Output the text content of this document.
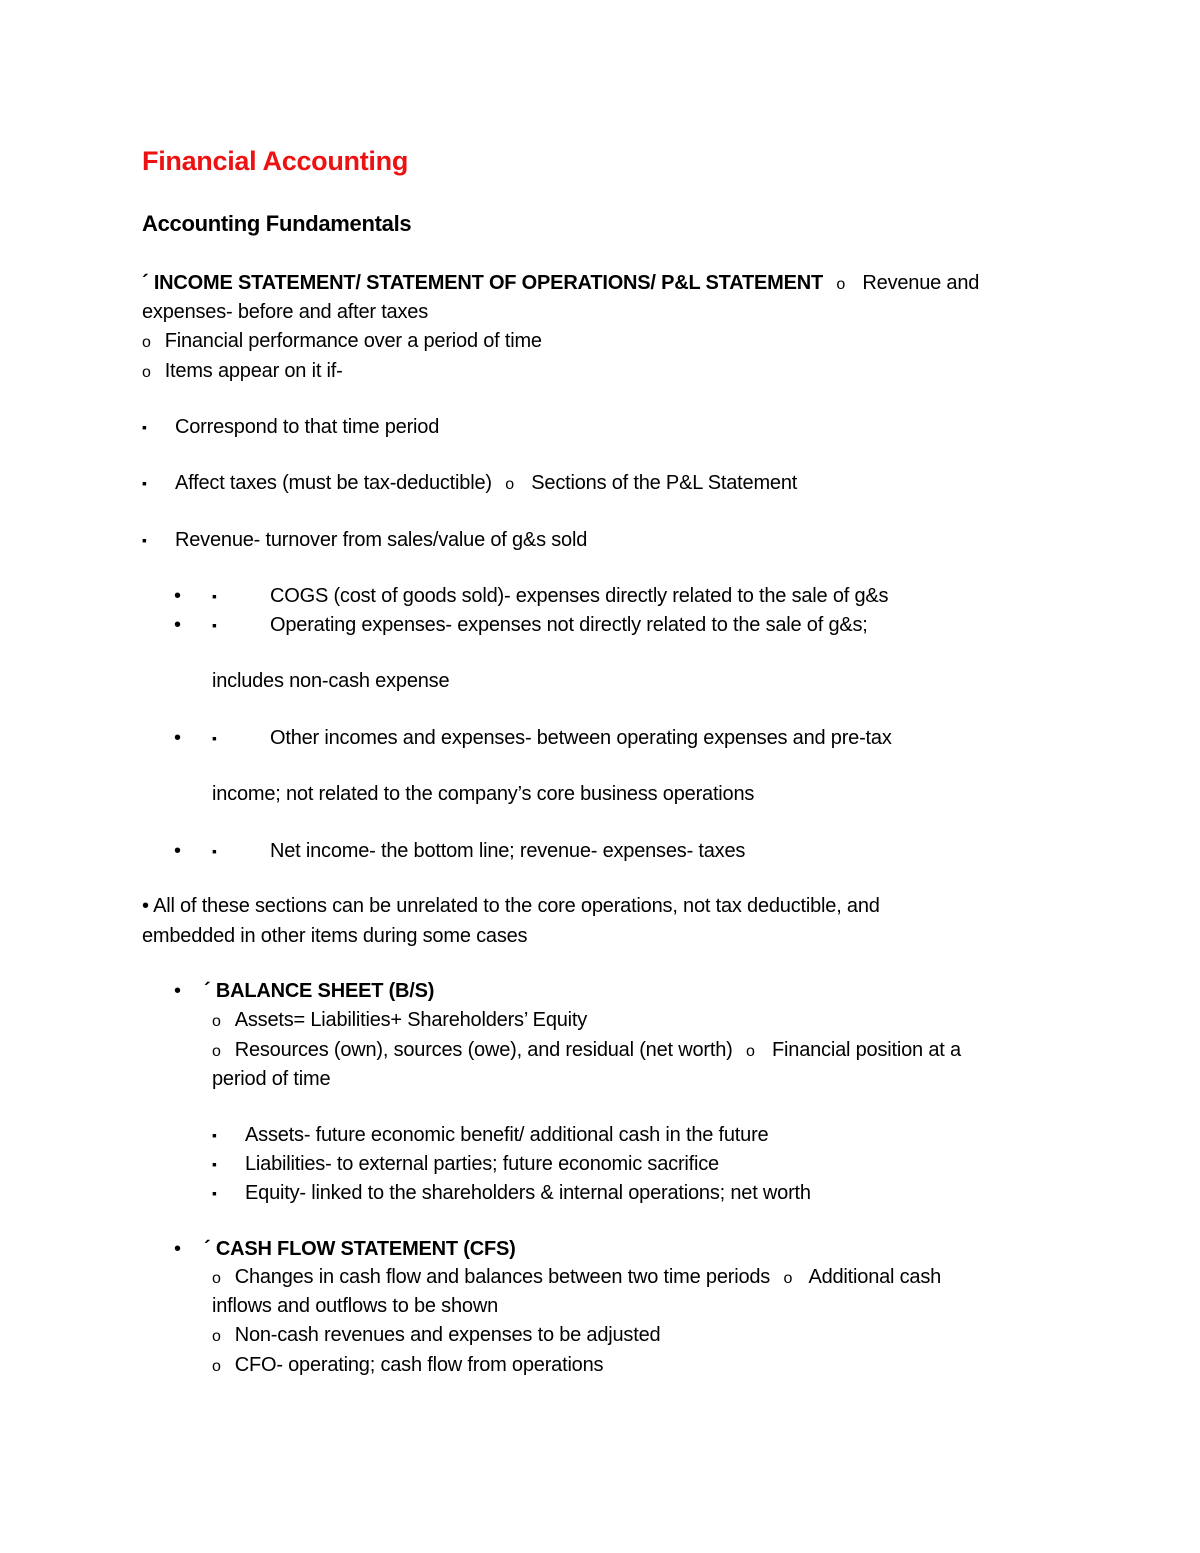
Financial Accounting
Accounting Fundamentals
´ INCOME STATEMENT/ STATEMENT OF OPERATIONS/ P&L STATEMENT o Revenue and
expenses- before and after taxes
o Financial performance over a period of time
o Items appear on it if-
▪ Correspond to that time period
▪ Affect taxes (must be tax-deductible) o Sections of the P&L Statement
▪ Revenue- turnover from sales/value of g&s sold
• ▪	COGS (cost of goods sold)- expenses directly related to the sale of g&s
• ▪	Operating expenses- expenses not directly related to the sale of g&s;
includes non-cash expense
• ▪	Other incomes and expenses- between operating expenses and pre-tax
income; not related to the company’s core business operations
• ▪	Net income- the bottom line; revenue- expenses- taxes
• All of these sections can be unrelated to the core operations, not tax deductible, and
embedded in other items during some cases
• ´ BALANCE SHEET (B/S)
o Assets= Liabilities+ Shareholders’ Equity
o Resources (own), sources (owe), and residual (net worth) o Financial position at a
period of time
▪ Assets- future economic benefit/ additional cash in the future
▪ Liabilities- to external parties; future economic sacrifice
▪ Equity- linked to the shareholders & internal operations; net worth
• ´ CASH FLOW STATEMENT (CFS)
o Changes in cash flow and balances between two time periods o Additional cash
inflows and outflows to be shown
o Non-cash revenues and expenses to be adjusted
o CFO- operating; cash flow from operations
